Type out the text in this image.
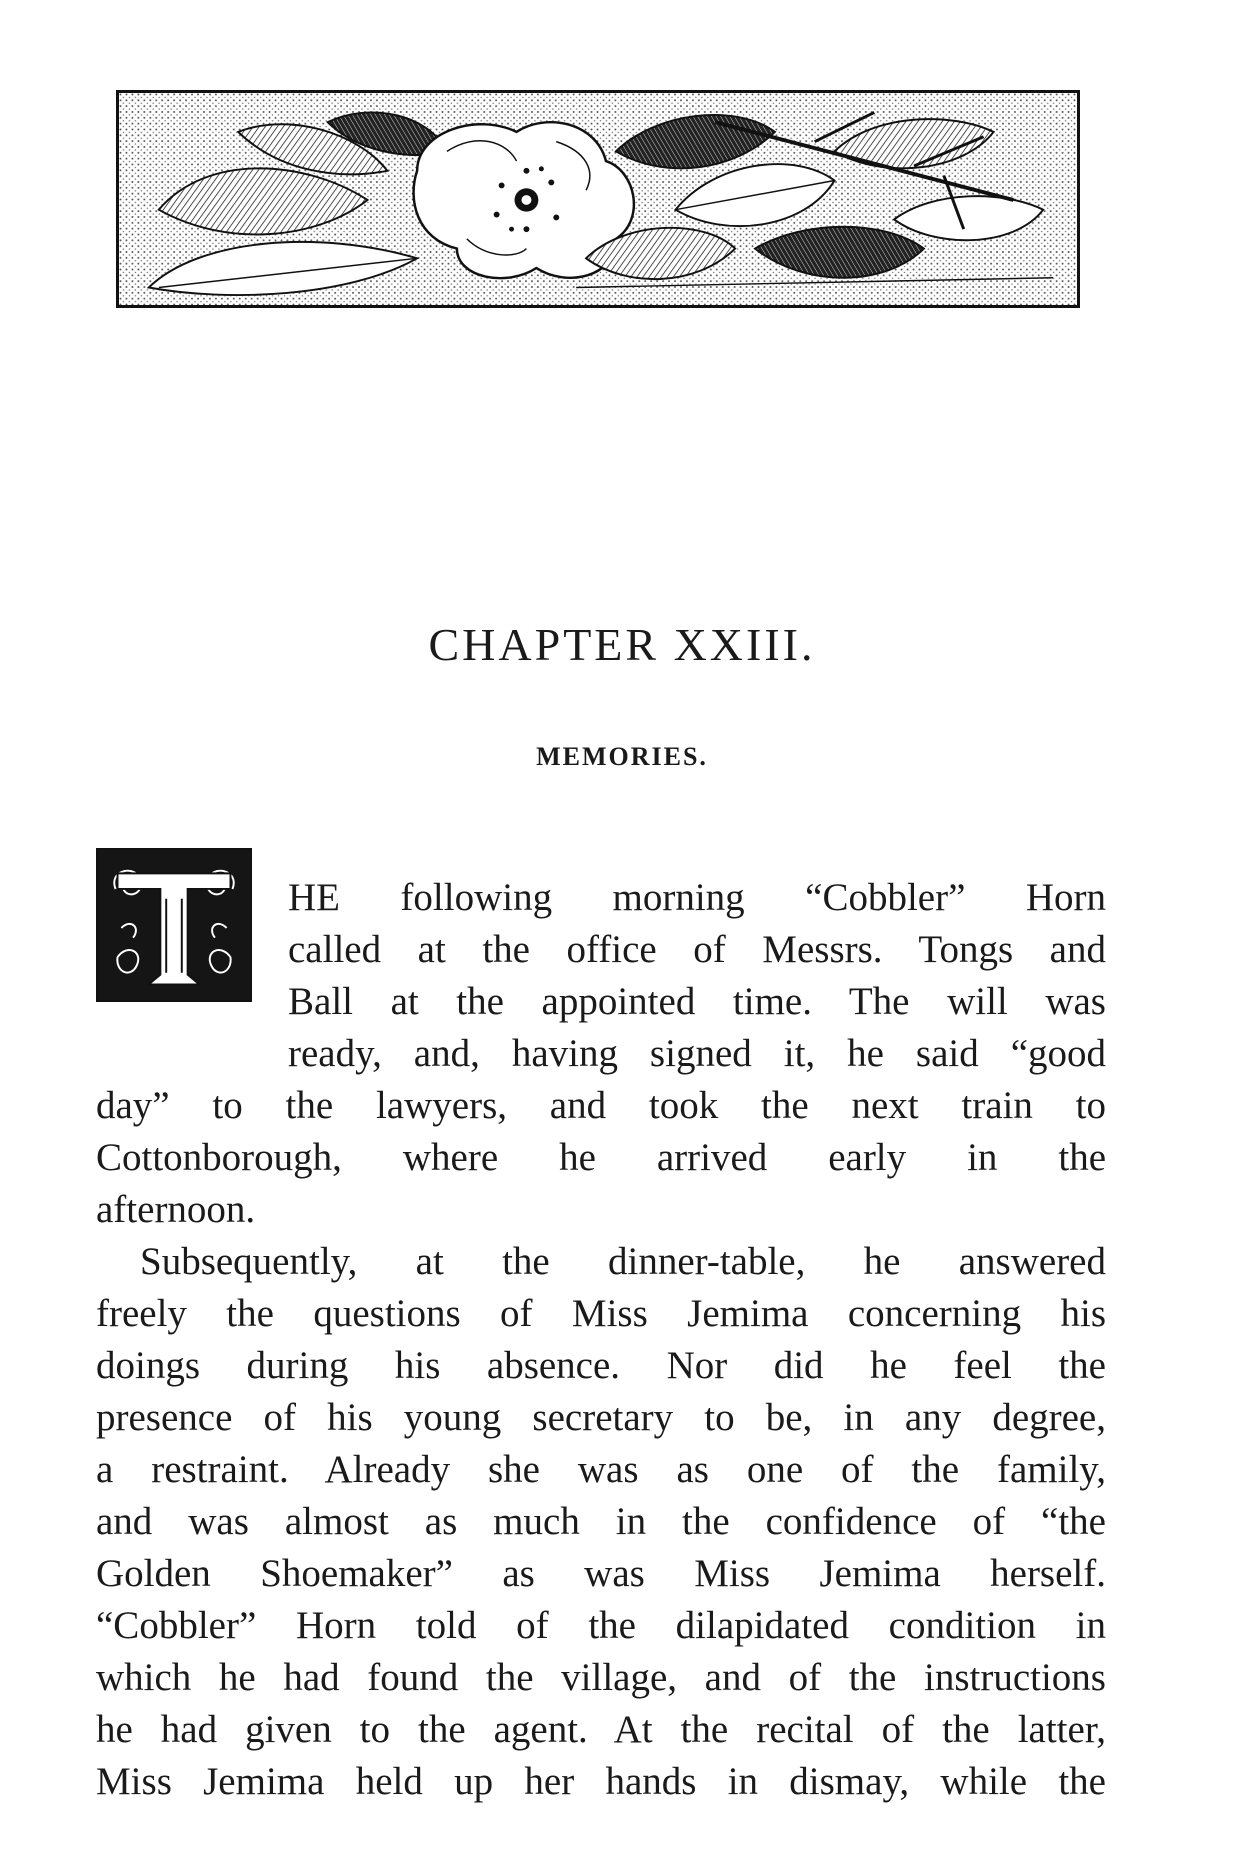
CHAPTER XXIII.
MEMORIES.
HE following morning “Cobbler” Horn
called at the office of Messrs. Tongs and
Ball at the appointed time. The will was
ready, and, having signed it, he said “good
day” to the lawyers, and took the next train to
Cottonborough, where he arrived early in the
afternoon.
Subsequently, at the dinner-table, he answered
freely the questions of Miss Jemima concerning his
doings during his absence. Nor did he feel the
presence of his young secretary to be, in any degree,
a restraint. Already she was as one of the family,
and was almost as much in the confidence of “the
Golden Shoemaker” as was Miss Jemima herself.
“Cobbler” Horn told of the dilapidated condition in
which he had found the village, and of the instructions
he had given to the agent. At the recital of the latter,
Miss Jemima held up her hands in dismay, while the
